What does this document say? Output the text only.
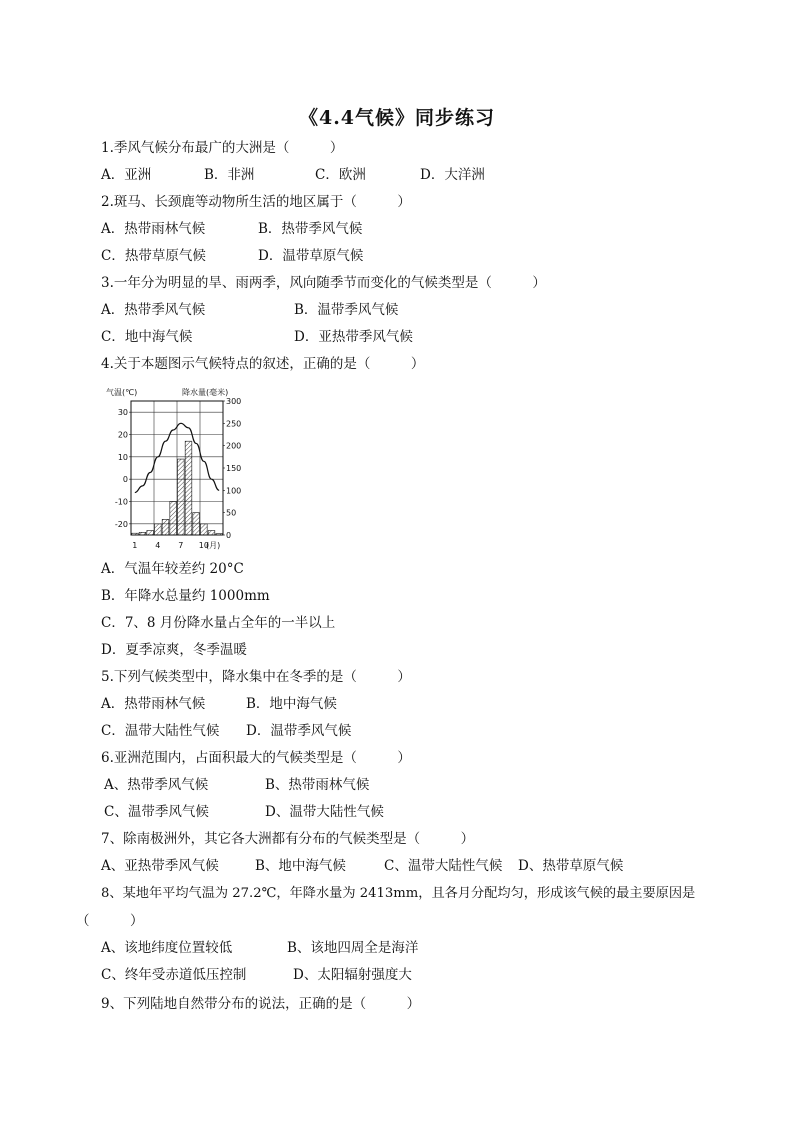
《4.4气候》同步练习
1.季风气候分布最广的大洲是（　　　）
A．亚洲	B．非洲	C．欧洲	D．大洋洲
2.斑马、长颈鹿等动物所生活的地区属于（　　　）
A．热带雨林气候	B．热带季风气候
C．热带草原气候	D．温带草原气候
3.一年分为明显的旱、雨两季，风向随季节而变化的气候类型是（　　　）
A．热带季风气候	B．温带季风气候
C．地中海气候	D．亚热带季风气候
4.关于本题图示气候特点的叙述，正确的是（　　　）
气温(℃)	降水量(毫米)
(月)
30
20
10
0
-10
-20
300
250
200
150
100
50
0
1 4 7 10
A．气温年较差约 20°C
B．年降水总量约 1000mm
C．7、8 月份降水量占全年的一半以上
D．夏季凉爽，冬季温暖
5.下列气候类型中，降水集中在冬季的是（　　　）
A．热带雨林气候	B．地中海气候
C．温带大陆性气候 D．温带季风气候
6.亚洲范围内，占面积最大的气候类型是（　　　）
A、热带季风气候	B、热带雨林气候
C、温带季风气候	D、温带大陆性气候
7、除南极洲外，其它各大洲都有分布的气候类型是（　　　）
A、亚热带季风气候	B、地中海气候	C、温带大陆性气候 D、热带草原气候
8、某地年平均气温为 27.2℃，年降水量为 2413mm，且各月分配均匀，形成该气候的最主要原因是
（　　　）
A、该地纬度位置较低	B、该地四周全是海洋
C、终年受赤道低压控制	D、太阳辐射强度大
9、下列陆地自然带分布的说法，正确的是（　　　）
